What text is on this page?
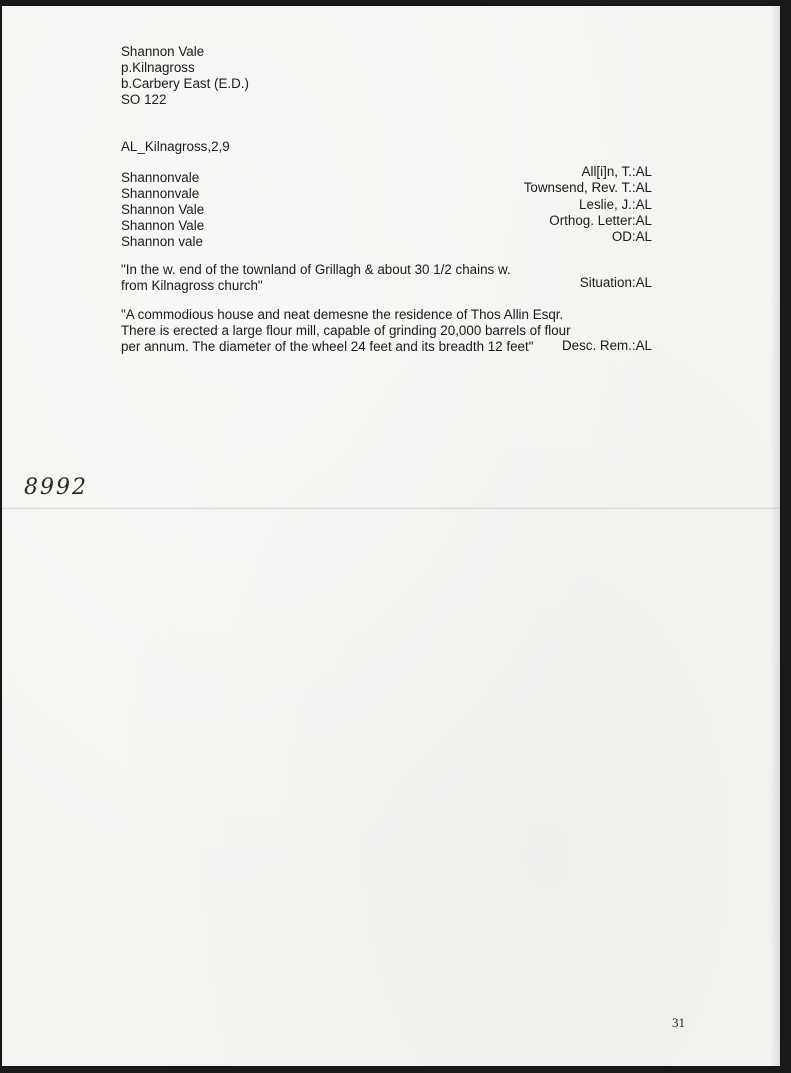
Shannon Vale
p.Kilnagross
b.Carbery East (E.D.)
SO 122
AL_Kilnagross,2,9
Shannonvale	All[i]n, T.:AL
Shannonvale	Townsend, Rev. T.:AL
Shannon Vale	Leslie, J.:AL
Shannon Vale	Orthog. Letter:AL
Shannon vale	OD:AL
"In the w. end of the townland of Grillagh & about 30 1/2 chains w.
from Kilnagross church"	Situation:AL
"A commodious house and neat demesne the residence of Thos Allin Esqr.
There is erected a large flour mill, capable of grinding 20,000 barrels of flour
per annum. The diameter of the wheel 24 feet and its breadth 12 feet" Desc. Rem.:AL
8992
31
